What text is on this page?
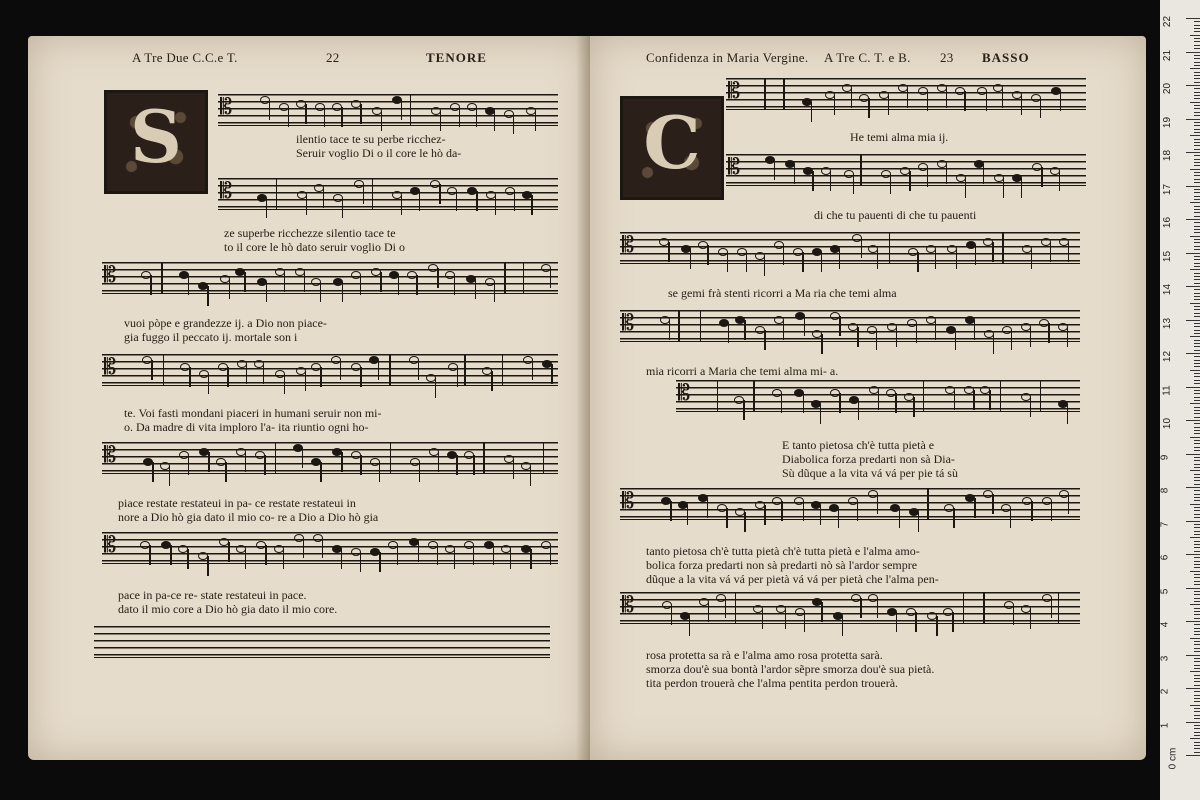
A Tre Due C.C.e T.	22	TENORE
S	ilentio tace te su perbe ricchez-
Seruir voglio Di o il core le hò da-
ze superbe ricchezze silentio tace te
to il core le hò dato seruir voglio Di o
vuoi pòpe e grandezze ij. a Dio non piace-
gia fuggo il peccato ij. mortale son i
te. Voi fasti mondani piaceri in humani seruir non mi-
o. Da madre di vita imploro l'a- ita riuntio ogni ho-
piace restate restateui in pa- ce restate restateui in
nore a Dio hò gia dato il mio co- re a Dio a Dio hò gia
pace in pa-ce re- state restateui in pace.
dato il mio core a Dio hò gia dato il mio core.
𝄡
𝄡
𝄡
𝄡
𝄡
𝄡
Confidenza in Maria Vergine. A Tre C. T. e B. 23 BASSO
C	He temi alma mia ij.
di che tu pauenti di che tu pauenti
se gemi frà stenti ricorri a Ma ria che temi alma
mia ricorri a Maria che temi alma mi- a.
E tanto pietosa ch'è tutta pietà e
Diabolica forza predarti non sà Dia-
Sù dũque a la vita vá vá per pie tá sù
tanto pietosa ch'è tutta pietà ch'è tutta pietà e l'alma amo-
bolica forza predarti non sà predarti nò sà l'ardor sempre
dũque a la vita vá vá per pietà vá vá per pietà che l'alma pen-
rosa protetta sa rà e l'alma amo rosa protetta sarà.
smorza dou'è sua bontà l'ardor sẽpre smorza dou'è sua pietà.
tita perdon trouerà che l'alma pentita perdon trouerà.
𝄡
𝄡
𝄡
𝄡
𝄡
𝄡
𝄡
22
21
20
19
18
17
16
15
14
13
12
11
10
9
8
7
6
5
4
3
2
1
0 cm
